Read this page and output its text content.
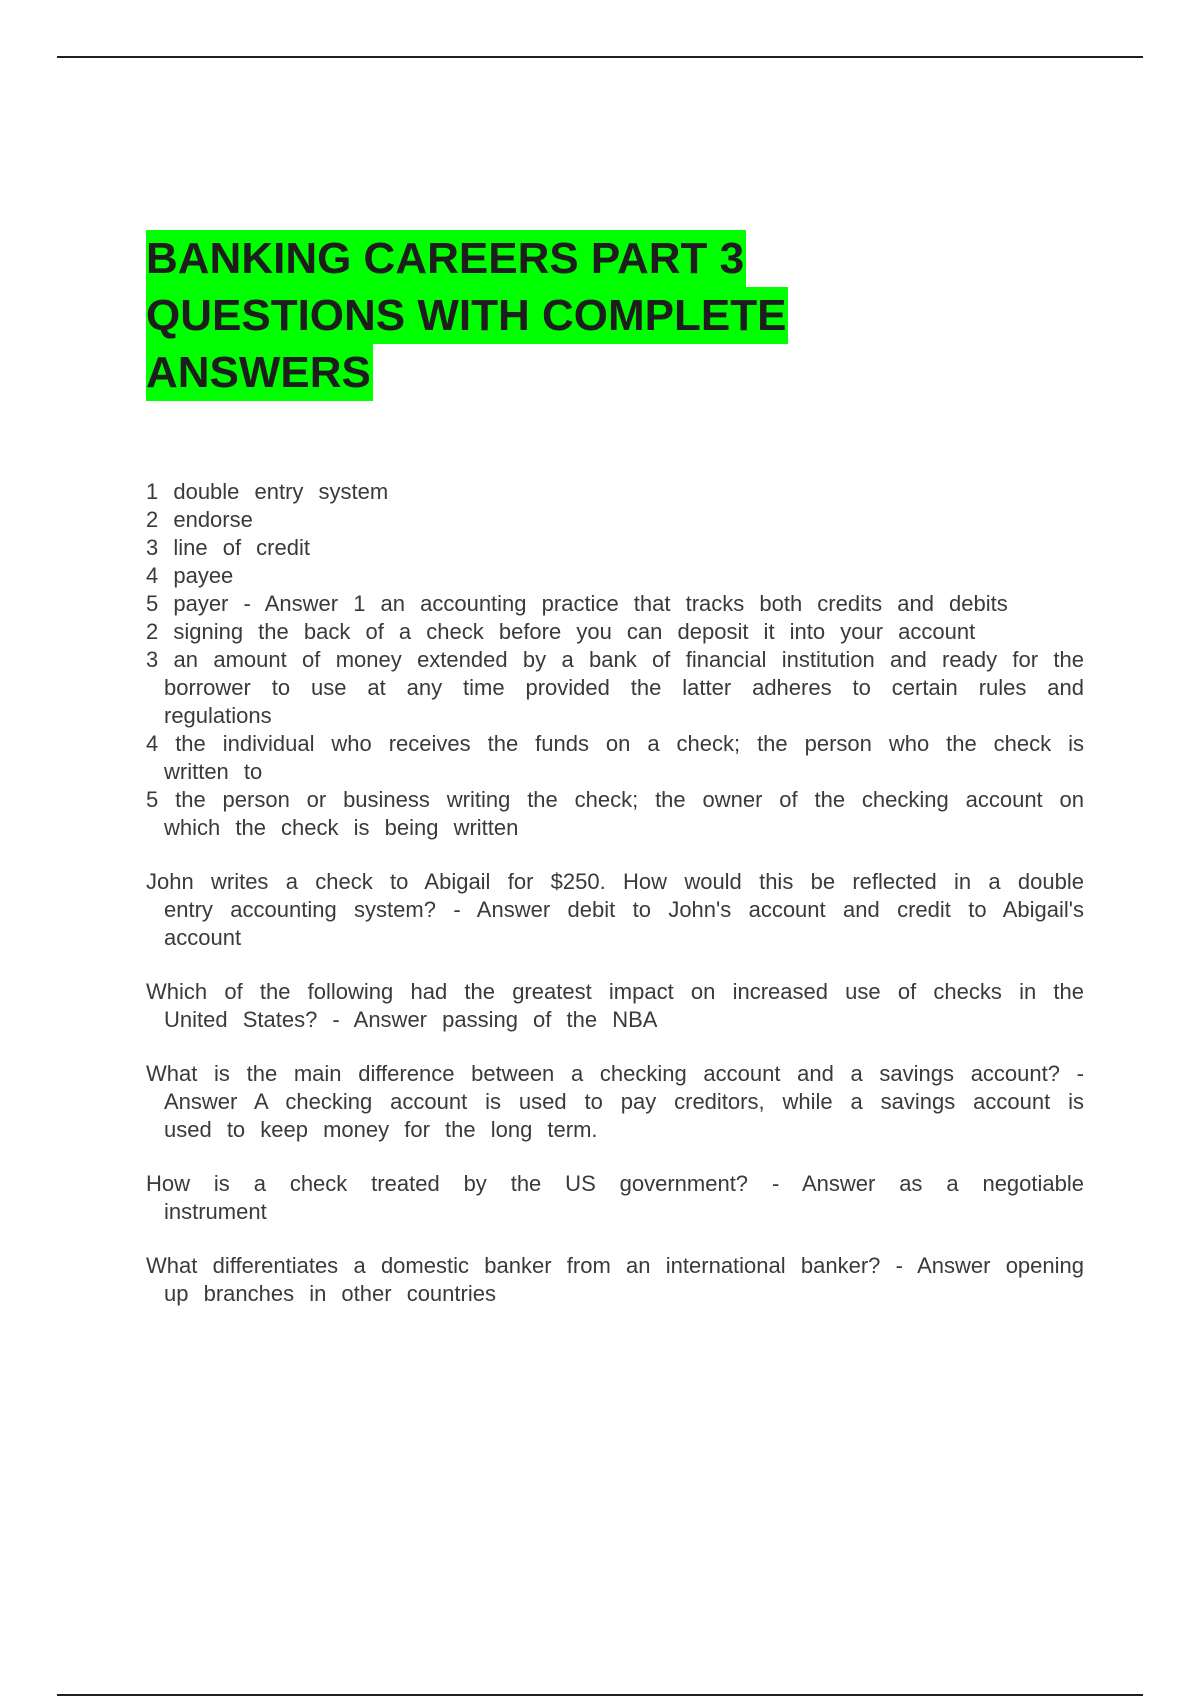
BANKING CAREERS PART 3
QUESTIONS WITH COMPLETE
ANSWERS
1 double entry system
2 endorse
3 line of credit
4 payee
5 payer - Answer 1 an accounting practice that tracks both credits and debits
2 signing the back of a check before you can deposit it into your account
3 an amount of money extended by a bank of financial institution and ready for the borrower to use at any time provided the latter adheres to certain rules and regulations
4 the individual who receives the funds on a check; the person who the check is written to
5 the person or business writing the check; the owner of the checking account on which the check is being written

John writes a check to Abigail for $250. How would this be reflected in a double entry accounting system? - Answer debit to John's account and credit to Abigail's account

Which of the following had the greatest impact on increased use of checks in the United States? - Answer passing of the NBA

What is the main difference between a checking account and a savings account? - Answer A checking account is used to pay creditors, while a savings account is used to keep money for the long term.

How is a check treated by the US government? - Answer as a negotiable instrument

What differentiates a domestic banker from an international banker? - Answer opening up branches in other countries
